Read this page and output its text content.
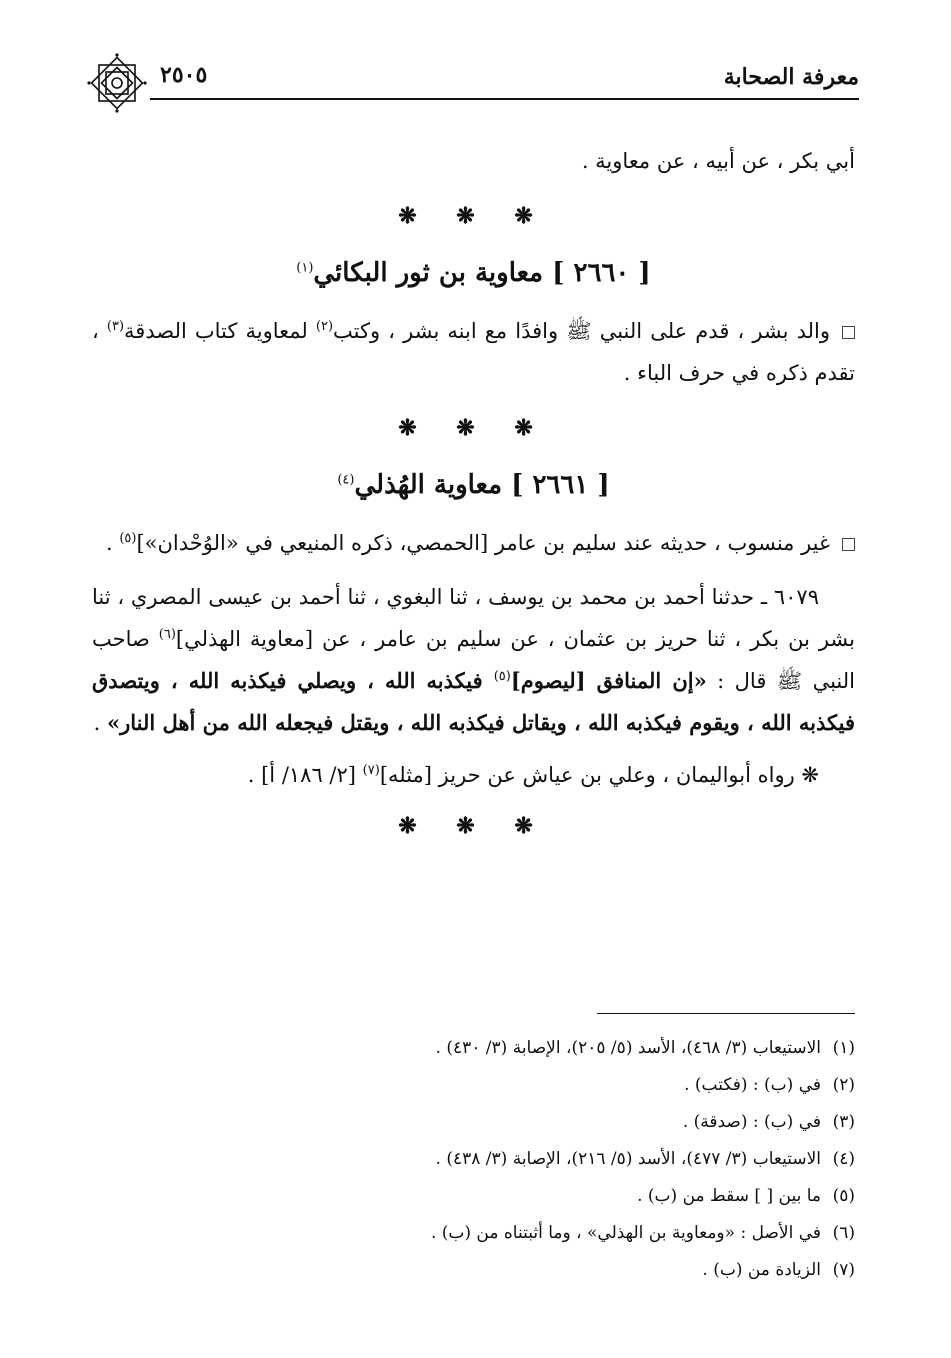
معرفة الصحابة
٢٥٠٥

أبي بكر ، عن أبيه ، عن معاوية .

❋ ❋ ❋
[ ٢٦٦٠ ] معاوية بن ثور البكائي$^{(١)}$

والد بشر ، قدم على النبي ﷺ وافدًا مع ابنه بشر ، وكتب$^{(٢)}$ لمعاوية كتاب الصدقة$^{(٣)}$ ، تقدم ذكره في حرف الباء .

❋ ❋ ❋
[ ٢٦٦١ ] معاوية الهُذلي$^{(٤)}$

غير منسوب ، حديثه عند سليم بن عامر [الحمصي، ذكره المنيعي في «الوُحْدان»]$^{(٥)}$ .

٦٠٧٩ ـ حدثنا أحمد بن محمد بن يوسف ، ثنا البغوي ، ثنا أحمد بن عيسى المصري ، ثنا بشر بن بكر ، ثنا حريز بن عثمان ، عن سليم بن عامر ، عن [معاوية الهذلي]$^{(٦)}$ صاحب النبي ﷺ قال : «إن المنافق [ليصوم]$^{(٥)}$ فيكذبه الله ، ويصلي فيكذبه الله ، ويتصدق فيكذبه الله ، ويقوم فيكذبه الله ، ويقاتل فيكذبه الله ، ويقتل فيجعله الله من أهل النار» .

❋ رواه أبواليمان ، وعلي بن عياش عن حريز [مثله]$^{(٧)}$ [٢/ ١٨٦/ أ] .

❋ ❋ ❋
(١)
الاستيعاب (٣/ ٤٦٨)، الأسد (٥/ ٢٠٥)، الإصابة (٣/ ٤٣٠) .
(٢)
في (ب) : (فكتب) .
(٣)
في (ب) : (صدقة) .
(٤)
الاستيعاب (٣/ ٤٧٧)، الأسد (٥/ ٢١٦)، الإصابة (٣/ ٤٣٨) .
(٥)
ما بين [ ] سقط من (ب) .
(٦)
في الأصل : «ومعاوية بن الهذلي» ، وما أثبتناه من (ب) .
(٧)
الزيادة من (ب) .
